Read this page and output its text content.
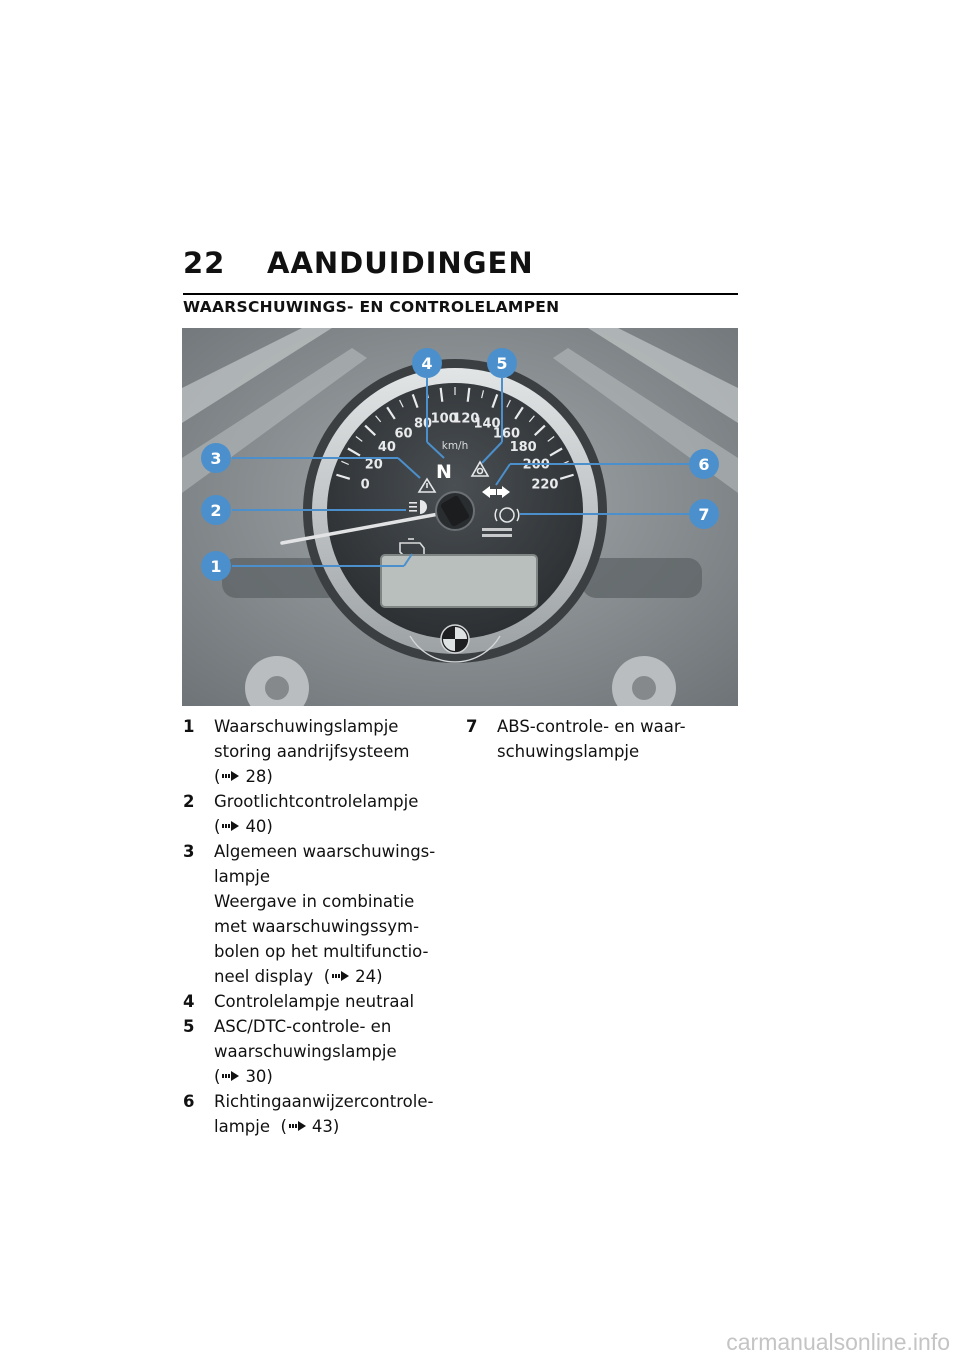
22 AANDUIDINGEN
WAARSCHUWINGS- EN CONTROLELAMPEN
0
20
40
60
80
100
120
140
160
180
200
220
km/h
N
1
2
3
4	5
6
7
1 Waarschuwingslampje
storing aandrijfsysteem
( 28)
2 Grootlichtcontrolelampje
( 40)
3 Algemeen waarschuwings-
lampje
Weergave in combinatie
met waarschuwingssym-
bolen op het multifunctio-
neel display ( 24)
4 Controlelampje neutraal
5 ASC/DTC-controle- en
waarschuwingslampje
( 30)
6 Richtingaanwijzercontrole-
lampje ( 43)
7 ABS-controle- en waar-
schuwingslampje
carmanualsonline.info
